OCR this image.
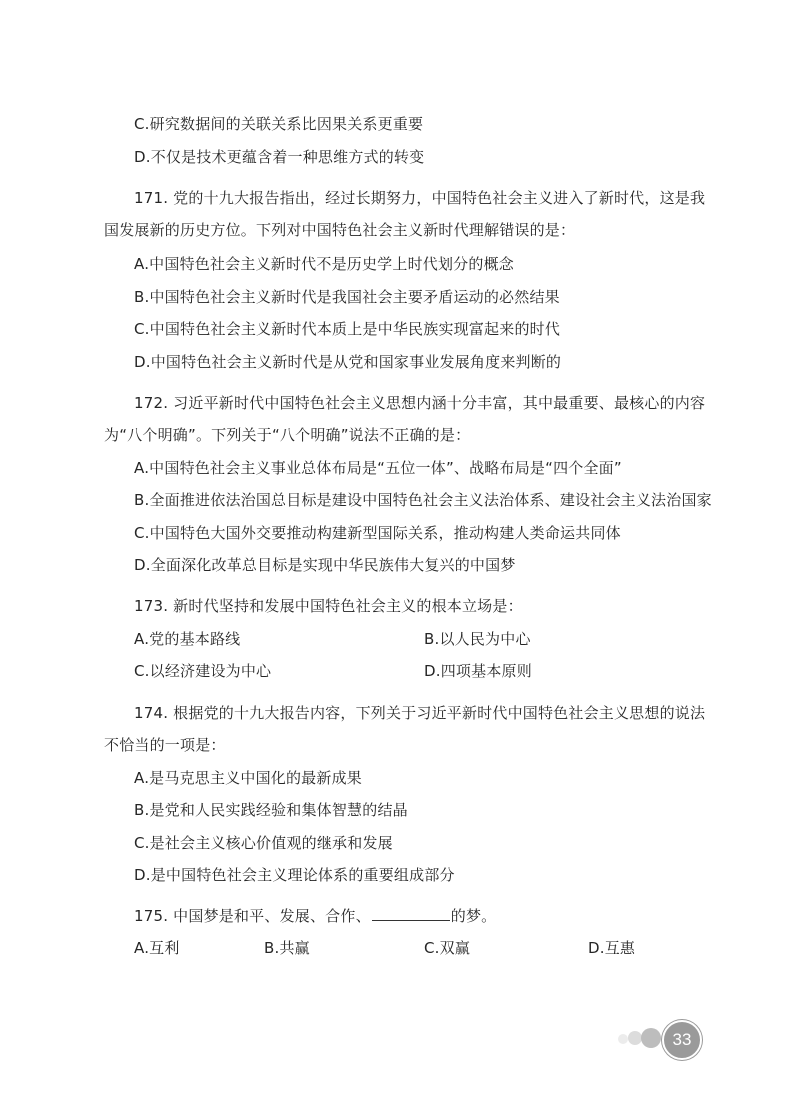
C.研究数据间的关联关系比因果关系更重要
D.不仅是技术更蕴含着一种思维方式的转变
171. 党的十九大报告指出，经过长期努力，中国特色社会主义进入了新时代，这是我
国发展新的历史方位。下列对中国特色社会主义新时代理解错误的是：
A.中国特色社会主义新时代不是历史学上时代划分的概念
B.中国特色社会主义新时代是我国社会主要矛盾运动的必然结果
C.中国特色社会主义新时代本质上是中华民族实现富起来的时代
D.中国特色社会主义新时代是从党和国家事业发展角度来判断的
172. 习近平新时代中国特色社会主义思想内涵十分丰富，其中最重要、最核心的内容
为“八个明确”。下列关于“八个明确”说法不正确的是：
A.中国特色社会主义事业总体布局是“五位一体”、战略布局是“四个全面”
B.全面推进依法治国总目标是建设中国特色社会主义法治体系、建设社会主义法治国家
C.中国特色大国外交要推动构建新型国际关系，推动构建人类命运共同体
D.全面深化改革总目标是实现中华民族伟大复兴的中国梦
173. 新时代坚持和发展中国特色社会主义的根本立场是：
A.党的基本路线	B.以人民为中心
C.以经济建设为中心	D.四项基本原则
174. 根据党的十九大报告内容，下列关于习近平新时代中国特色社会主义思想的说法
不恰当的一项是：
A.是马克思主义中国化的最新成果
B.是党和人民实践经验和集体智慧的结晶
C.是社会主义核心价值观的继承和发展
D.是中国特色社会主义理论体系的重要组成部分
175. 中国梦是和平、发展、合作、	的梦。
A.互利	B.共赢	C.双赢	D.互惠
33
